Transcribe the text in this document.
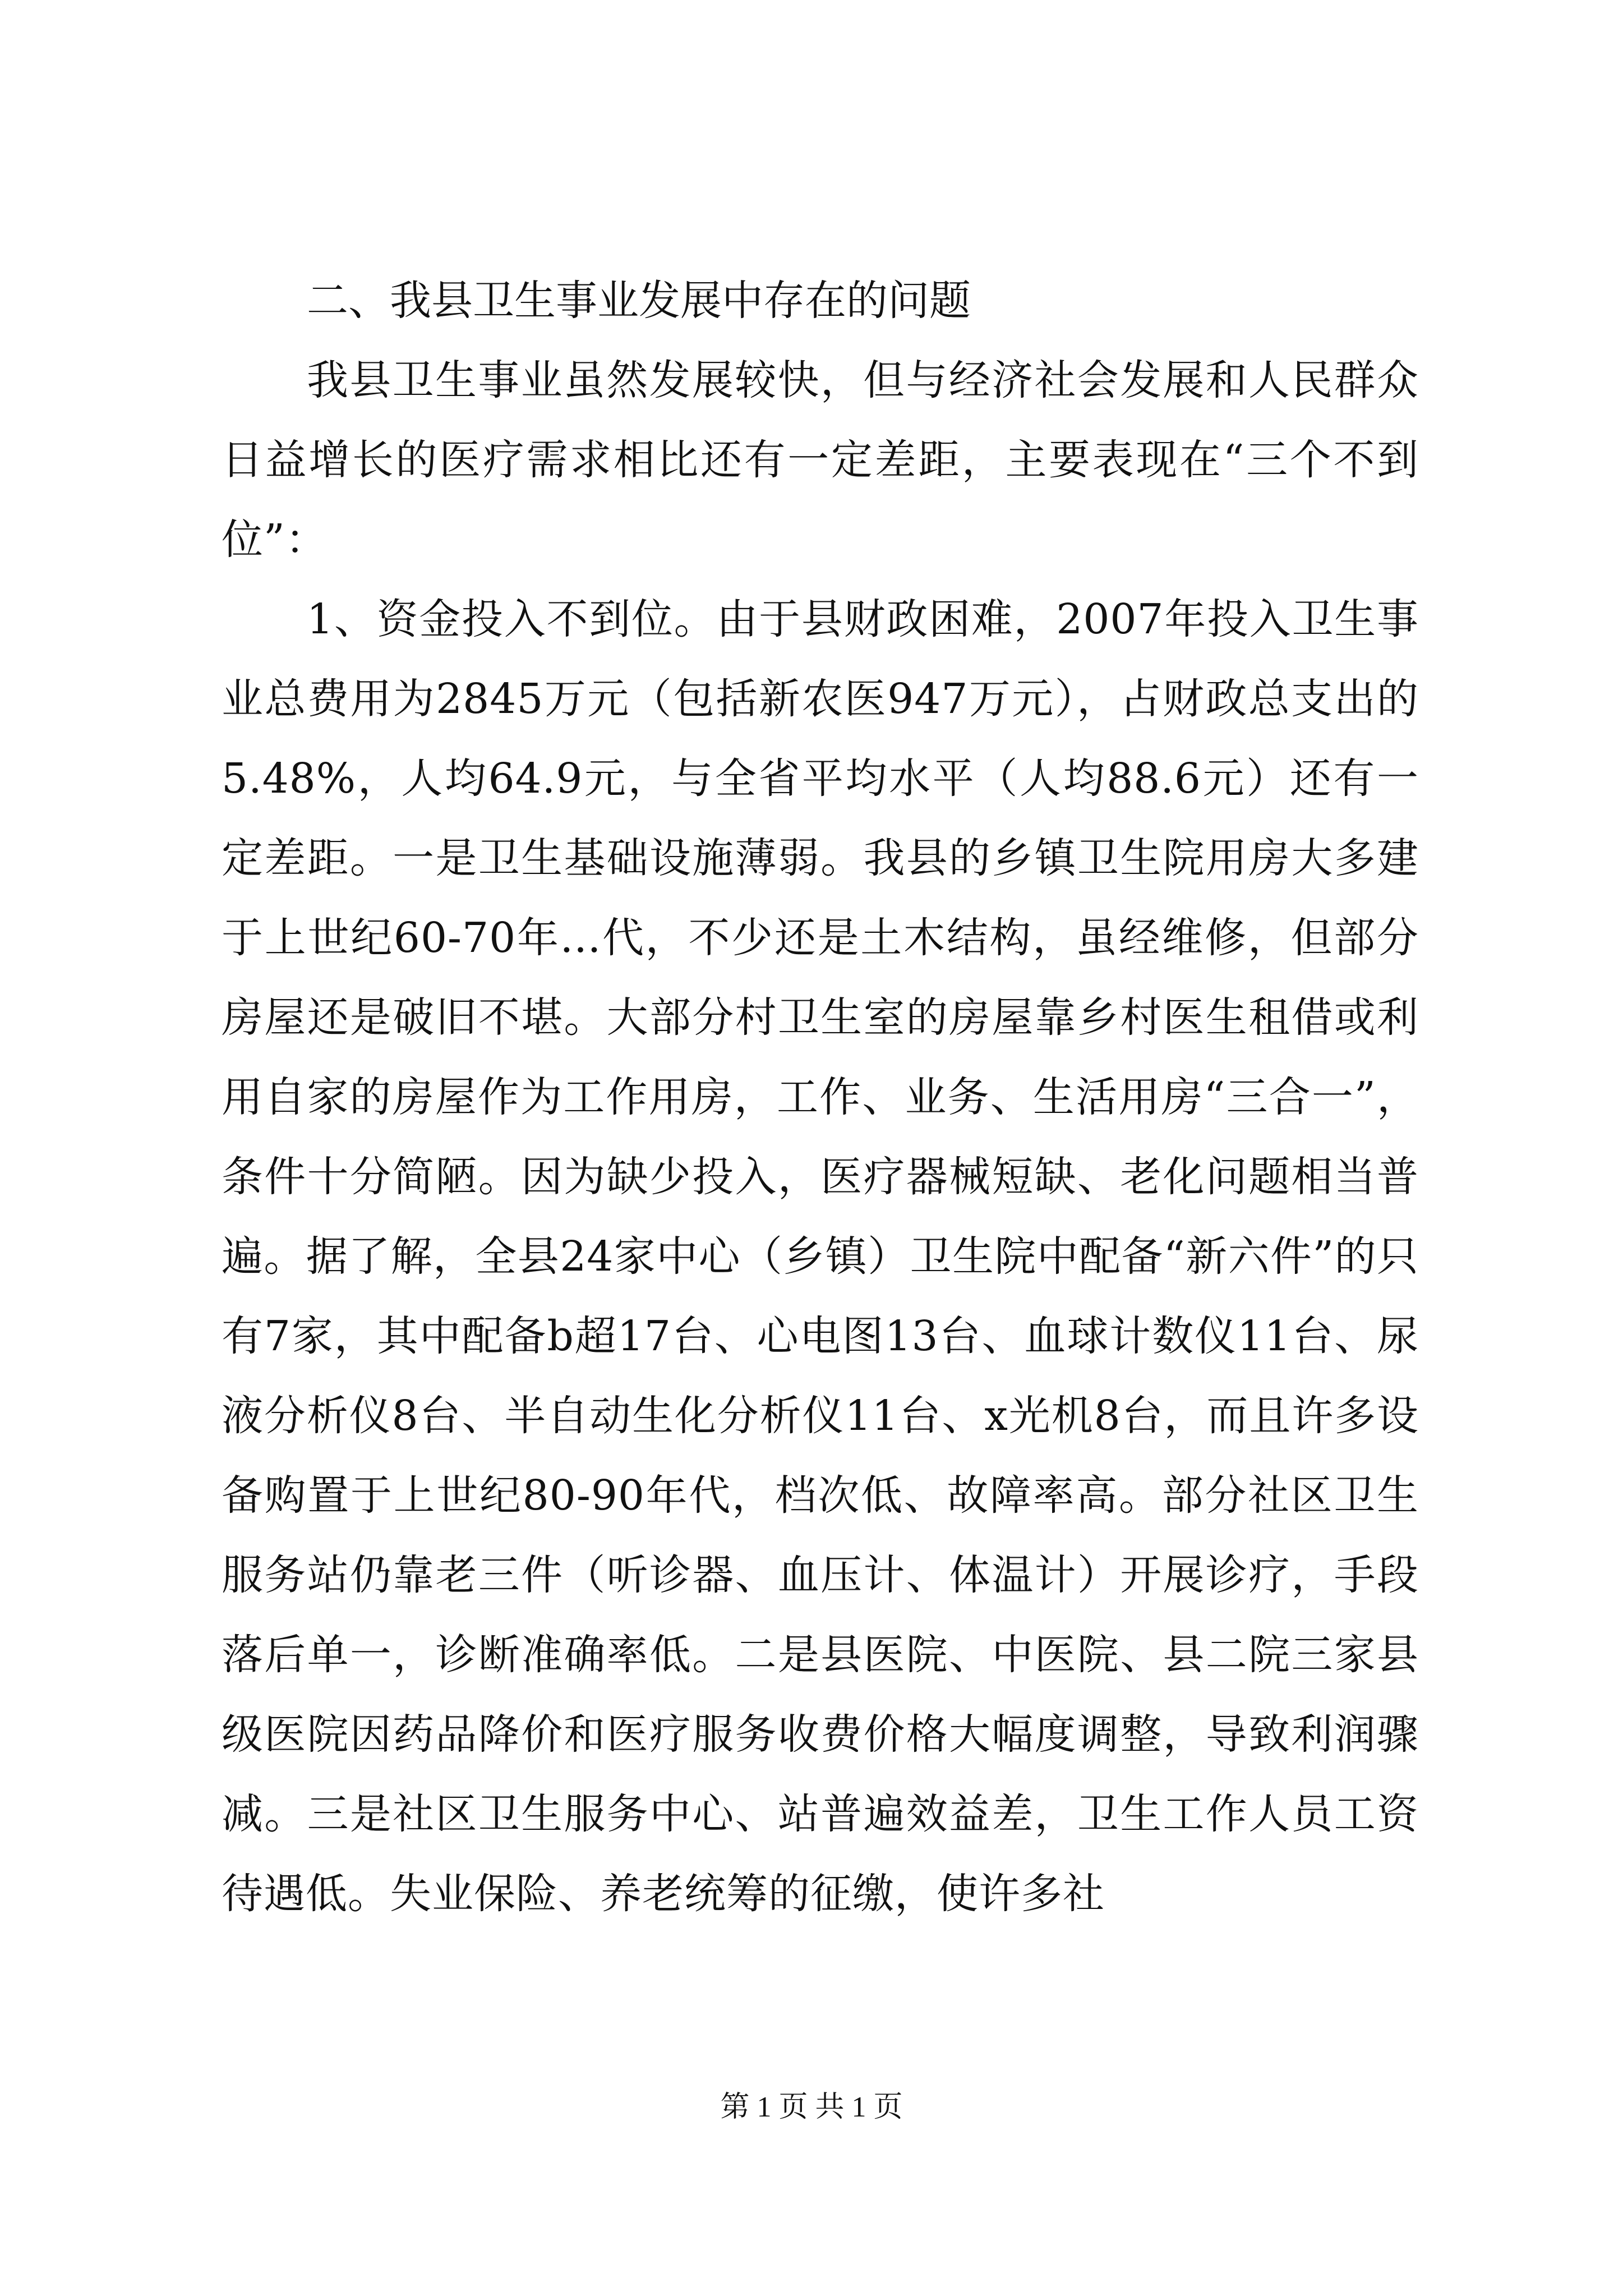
二、我县卫生事业发展中存在的问题

我县卫生事业虽然发展较快，但与经济社会发展和人民群众日益增长的医疗需求相比还有一定差距，主要表现在“三个不到位”：

1、资金投入不到位。由于县财政困难，2007年投入卫生事业总费用为2845万元（包括新农医947万元），占财政总支出的5.48%，人均64.9元，与全省平均水平（人均88.6元）还有一定差距。一是卫生基础设施薄弱。我县的乡镇卫生院用房大多建于上世纪60-70年...代，不少还是土木结构，虽经维修，但部分房屋还是破旧不堪。大部分村卫生室的房屋靠乡村医生租借或利用自家的房屋作为工作用房，工作、业务、生活用房“三合一”，条件十分简陋。因为缺少投入，医疗器械短缺、老化问题相当普遍。据了解，全县24家中心（乡镇）卫生院中配备“新六件”的只有7家，其中配备b超17台、心电图13台、血球计数仪11台、尿液分析仪8台、半自动生化分析仪11台、x光机8台，而且许多设备购置于上世纪80-90年代，档次低、故障率高。部分社区卫生服务站仍靠老三件（听诊器、血压计、体温计）开展诊疗，手段落后单一，诊断准确率低。二是县医院、中医院、县二院三家县级医院因药品降价和医疗服务收费价格大幅度调整，导致利润骤减。三是社区卫生服务中心、站普遍效益差，卫生工作人员工资待遇低。失业保险、养老统筹的征缴，使许多社

第 1 页 共 1 页
